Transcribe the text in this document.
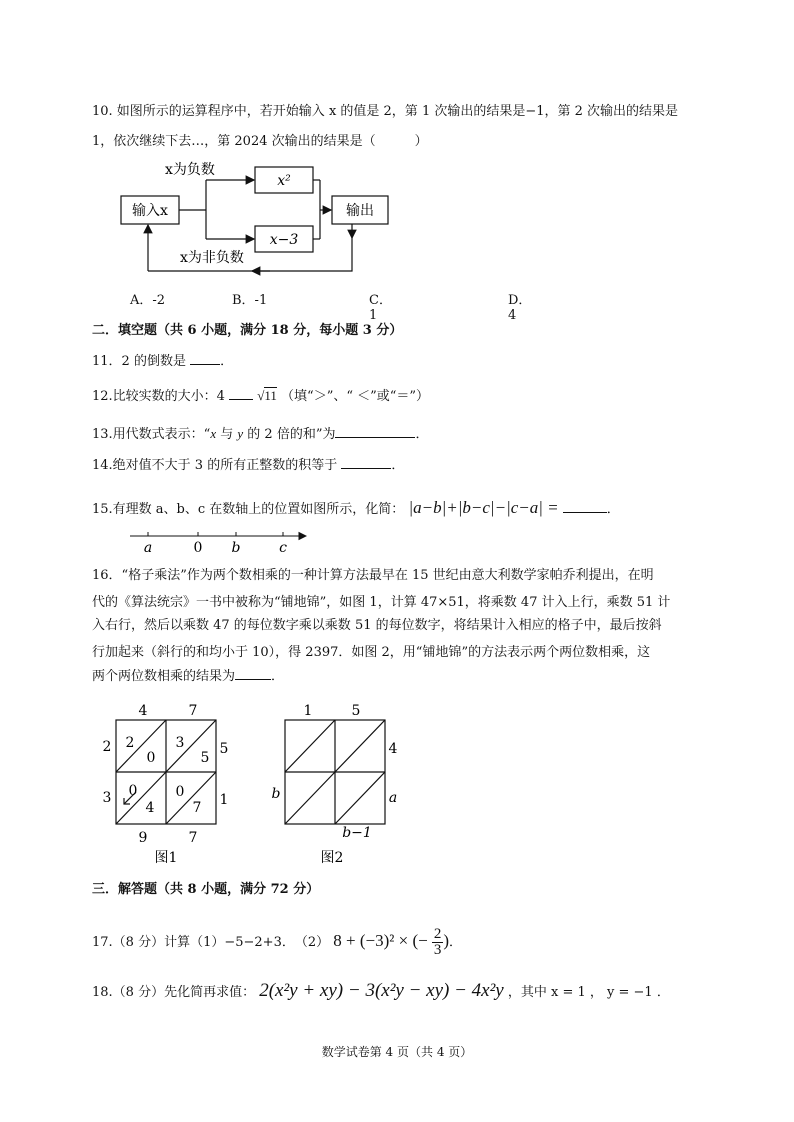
10. 如图所示的运算程序中，若开始输入 x 的值是 2，第 1 次输出的结果是−1，第 2 次输出的结果是
1，依次继续下去…，第 2024 次输出的结果是（　　　）
输入x
x²
x−3
输出
x为负数
x为非负数
A．-2	B．-1	C．1
D．4
二．填空题（共 6 小题，满分 18 分，每小题 3 分）
11．2 的倒数是	．
12.比较实数的大小：4 √11 （填“＞”、“ ＜”或“＝”）
13.用代数式表示：“x 与 y 的 2 倍的和”为	．
14.绝对值不大于 3 的所有正整数的积等于	．
15.有理数 a、b、c 在数轴上的位置如图所示，化简： |a−b|+|b−c|−|c−a| =	．
a	0 b	c
16．“格子乘法”作为两个数相乘的一种计算方法最早在 15 世纪由意大利数学家帕乔利提出，在明
代的《算法统宗》一书中被称为“铺地锦”，如图 1，计算 47×51，将乘数 47 计入上行，乘数 51 计
入右行，然后以乘数 47 的每位数字乘以乘数 51 的每位数字，将结果计入相应的格子中，最后按斜
行加起来（斜行的和均小于 10），得 2397．如图 2，用“铺地锦”的方法表示两个两位数相乘，这
两个两位数相乘的结果为	．
4	7
2
3
5
1
9	7
2
0
3
5
0
4
0
7
图1
1	5
b
4
a
b−1
图2
三．解答题（共 8 小题，满分 72 分）
17.（8 分）计算（1）−5−2+3．　（2） 8 + (−3)² × (− $\frac{2}{3}$ )．
18.（8 分）先化简再求值： 2(x²y + xy) − 3(x²y − xy) − 4x²y ，其中 x = 1 ， y = −1 ．
数学试卷第 4 页（共 4 页）
